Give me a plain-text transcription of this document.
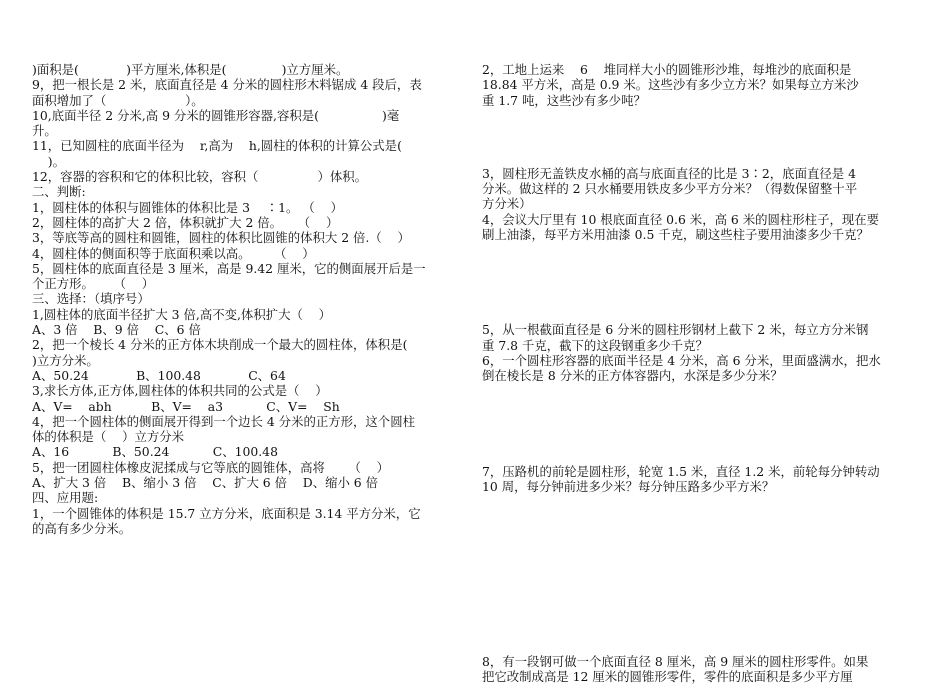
)面积是(            )平方厘米,体积是(              )立方厘米。
9，把一根长是 2 米，底面直径是 4 分米的圆柱形木料锯成 4 段后，表
面积增加了（                    ）。
10,底面半径 2 分米,高 9 分米的圆锥形容器,容积是(                )毫
升。
11，已知圆柱的底面半径为    r,高为    h,圆柱的体积的计算公式是(
)。
12，容器的容积和它的体积比较，容积（               ）体积。
二、判断:
1，圆柱体的体积与圆锥体的体积比是 3    ∶1。 （    ）
2，圆柱体的高扩大 2 倍，体积就扩大 2 倍。    （    ）
3，等底等高的圆柱和圆锥，圆柱的体积比圆锥的体积大 2 倍.（    ）
4，圆柱体的侧面积等于底面积乘以高。      （    ）
5，圆柱体的底面直径是 3 厘米，高是 9.42 厘米，它的侧面展开后是一
个正方形。     （    ）
三、选择：（填序号）
1,圆柱体的底面半径扩大 3 倍,高不变,体积扩大（    ）
A、3 倍    B、9 倍    C、6 倍
2，把一个棱长 4 分米的正方体木块削成一个最大的圆柱体，体积是(
)立方分米。
A、50.24            B、100.48            C、64
3,求长方体,正方体,圆柱体的体积共同的公式是（    ）
A、V=    abh          B、V=    a3           C、V=    Sh
4，把一个圆柱体的侧面展开得到一个边长 4 分米的正方形，这个圆柱
体的体积是（    ）立方分米
A、16           B、50.24           C、100.48
5，把一团圆柱体橡皮泥揉成与它等底的圆锥体，高将      （    ）
A、扩大 3 倍    B、缩小 3 倍    C、扩大 6 倍    D、缩小 6 倍
四、应用题:
1，一个圆锥体的体积是 15.7 立方分米，底面积是 3.14 平方分米，它
的高有多少分米。
2，工地上运来    6    堆同样大小的圆锥形沙堆，每堆沙的底面积是
18.84 平方米，高是 0.9 米。这些沙有多少立方米？如果每立方米沙
重 1.7 吨，这些沙有多少吨？
3，圆柱形无盖铁皮水桶的高与底面直径的比是 3∶2，底面直径是 4
分米。做这样的 2 只水桶要用铁皮多少平方分米？（得数保留整十平
方分米）
4，会议大厅里有 10 根底面直径 0.6 米，高 6 米的圆柱形柱子，现在要
刷上油漆，每平方米用油漆 0.5 千克，刷这些柱子要用油漆多少千克？
5，从一根截面直径是 6 分米的圆柱形钢材上截下 2 米，每立方分米钢
重 7.8 千克，截下的这段钢重多少千克？
6，一个圆柱形容器的底面半径是 4 分米，高 6 分米，里面盛满水，把水
倒在棱长是 8 分米的正方体容器内，水深是多少分米？
7，压路机的前轮是圆柱形，轮宽 1.5 米，直径 1.2 米，前轮每分钟转动
10 周，每分钟前进多少米？每分钟压路多少平方米？
8，有一段钢可做一个底面直径 8 厘米，高 9 厘米的圆柱形零件。如果
把它改制成高是 12 厘米的圆锥形零件，零件的底面积是多少平方厘
